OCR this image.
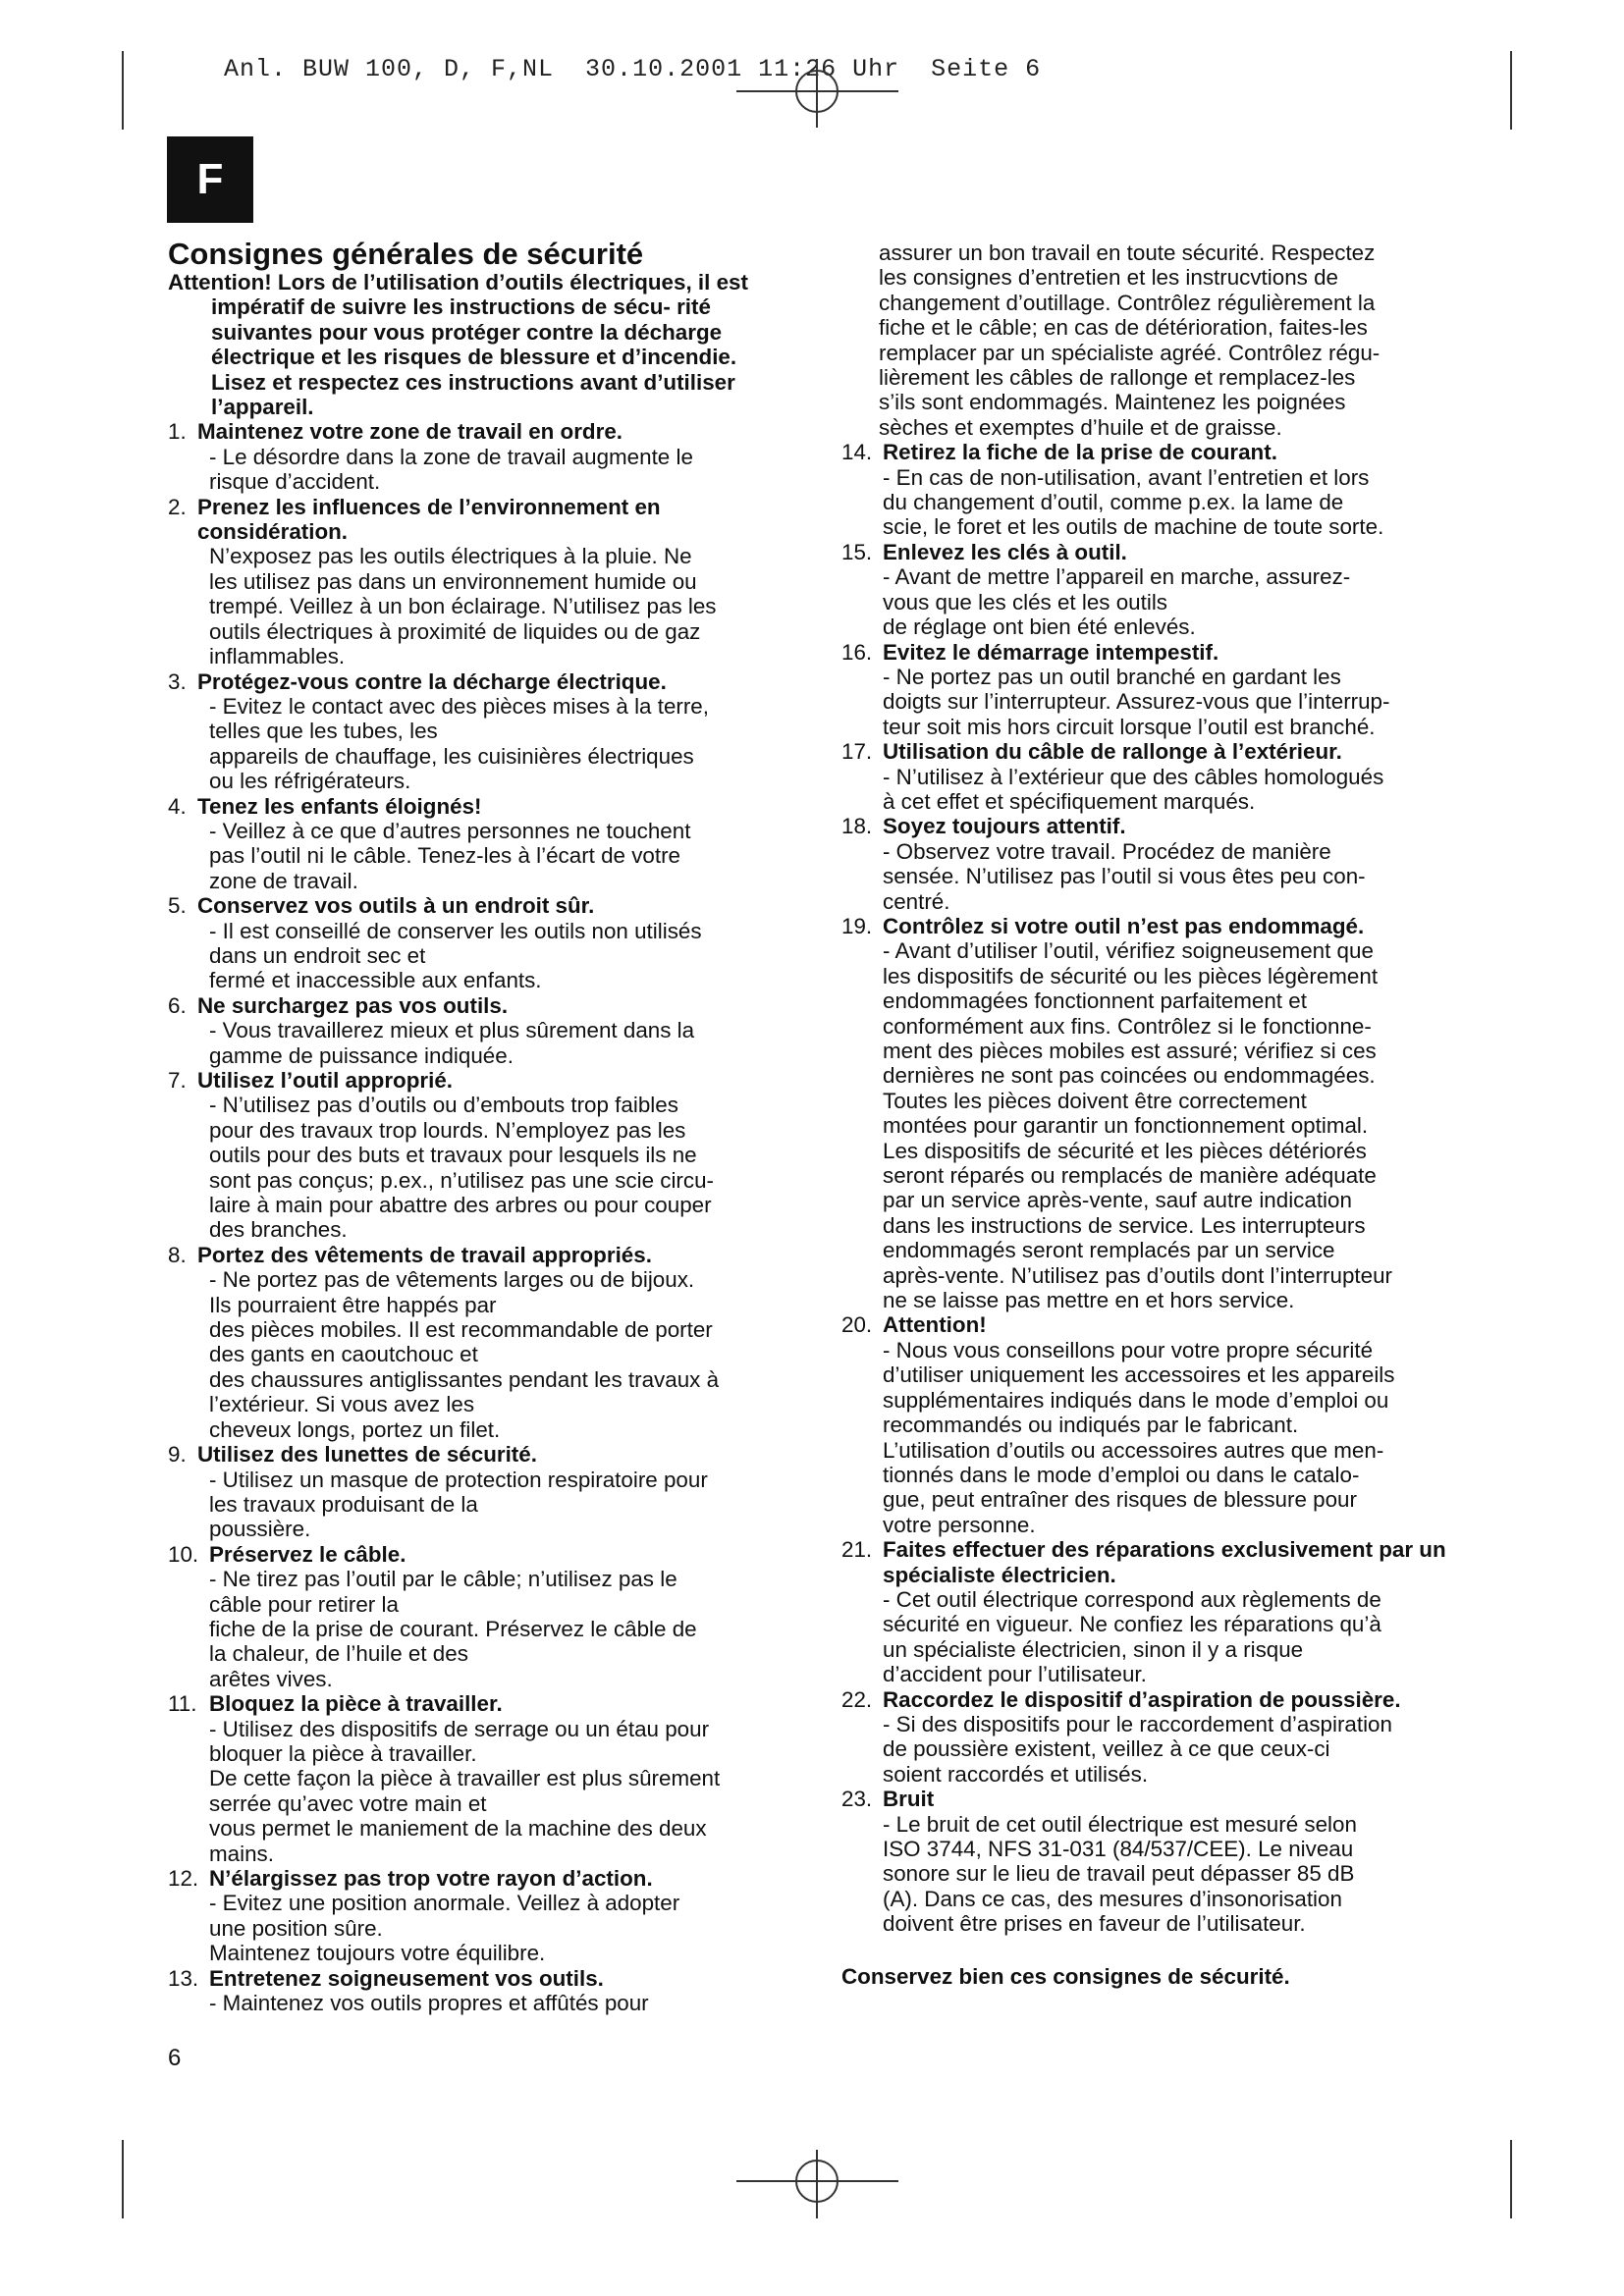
Anl. BUW 100, D, F,NL  30.10.2001 11:26 Uhr  Seite 6
F
Consignes générales de sécurité

Attention! Lors de l’utilisation d’outils électriques, il est impératif de suivre les instructions de sécu- rité suivantes pour vous protéger contre la décharge électrique et les risques de blessure et d’incendie. Lisez et respectez ces instructions avant d’utiliser l’appareil.

1. Maintenez votre zone de travail en ordre.

- Le désordre dans la zone de travail augmente le
risque d’accident.

2. Prenez les influences de l’environnement en considération.

N’exposez pas les outils électriques à la pluie. Ne
les utilisez pas dans un environnement humide ou
trempé. Veillez à un bon éclairage. N’utilisez pas les
outils électriques à proximité de liquides ou de gaz
inflammables.

3. Protégez-vous contre la décharge électrique.

- Evitez le contact avec des pièces mises à la terre,
telles que les tubes, les
appareils de chauffage, les cuisinières électriques
ou les réfrigérateurs.

4. Tenez les enfants éloignés!

- Veillez à ce que d’autres personnes ne touchent
pas l’outil ni le câble. Tenez-les à l’écart de votre
zone de travail.

5. Conservez vos outils à un endroit sûr.

- Il est conseillé de conserver les outils non utilisés
dans un endroit sec et
fermé et inaccessible aux enfants.

6. Ne surchargez pas vos outils.

- Vous travaillerez mieux et plus sûrement dans la
gamme de puissance indiquée.

7. Utilisez l’outil approprié.

- N’utilisez pas d’outils ou d’embouts trop faibles
pour des travaux trop lourds. N’employez pas les
outils pour des buts et travaux pour lesquels ils ne
sont pas conçus; p.ex., n’utilisez pas une scie circu-
laire à main pour abattre des arbres ou pour couper
des branches.

8. Portez des vêtements de travail appropriés.

- Ne portez pas de vêtements larges ou de bijoux.
Ils pourraient être happés par
des pièces mobiles. Il est recommandable de porter
des gants en caoutchouc et
des chaussures antiglissantes pendant les travaux à
l’extérieur. Si vous avez les
cheveux longs, portez un filet.

9. Utilisez des lunettes de sécurité.

- Utilisez un masque de protection respiratoire pour
les travaux produisant de la
poussière.

10. Préservez le câble.

- Ne tirez pas l’outil par le câble; n’utilisez pas le
câble pour retirer la
fiche de la prise de courant. Préservez le câble de
la chaleur, de l’huile et des
arêtes vives.

11. Bloquez la pièce à travailler.

- Utilisez des dispositifs de serrage ou un étau pour
bloquer la pièce à travailler.
De cette façon la pièce à travailler est plus sûrement
serrée qu’avec votre main et
vous permet le maniement de la machine des deux
mains.

12. N’élargissez pas trop votre rayon d’action.

- Evitez une position anormale. Veillez à adopter
une position sûre.
Maintenez toujours votre équilibre.

13. Entretenez soigneusement vos outils.

- Maintenez vos outils propres et affûtés pour

assurer un bon travail en toute sécurité. Respectez
les consignes d’entretien et les instrucvtions de
changement d’outillage. Contrôlez régulièrement la
fiche et le câble; en cas de détérioration, faites-les
remplacer par un spécialiste agréé. Contrôlez régu-
lièrement les câbles de rallonge et remplacez-les
s’ils sont endommagés. Maintenez les poignées
sèches et exemptes d’huile et de graisse.

14. Retirez la fiche de la prise de courant.

- En cas de non-utilisation, avant l’entretien et lors
du changement d’outil, comme p.ex. la lame de
scie, le foret et les outils de machine de toute sorte.

15. Enlevez les clés à outil.

- Avant de mettre l’appareil en marche, assurez-
vous que les clés et les outils
de réglage ont bien été enlevés.

16. Evitez le démarrage intempestif.

- Ne portez pas un outil branché en gardant les
doigts sur l’interrupteur. Assurez-vous que l’interrup-
teur soit mis hors circuit lorsque l’outil est branché.

17. Utilisation du câble de rallonge à l’extérieur.

- N’utilisez à l’extérieur que des câbles homologués
à cet effet et spécifiquement marqués.

18. Soyez toujours attentif.

- Observez votre travail. Procédez de manière
sensée. N’utilisez pas l’outil si vous êtes peu con-
centré.

19. Contrôlez si votre outil n’est pas endommagé.

- Avant d’utiliser l’outil, vérifiez soigneusement que
les dispositifs de sécurité ou les pièces légèrement
endommagées fonctionnent parfaitement et
conformément aux fins. Contrôlez si le fonctionne-
ment des pièces mobiles est assuré; vérifiez si ces
dernières ne sont pas coincées ou endommagées.
Toutes les pièces doivent être correctement
montées pour garantir un fonctionnement optimal.
Les dispositifs de sécurité et les pièces détériorés
seront réparés ou remplacés de manière adéquate
par un service après-vente, sauf autre indication
dans les instructions de service. Les interrupteurs
endommagés seront remplacés par un service
après-vente. N’utilisez pas d’outils dont l’interrupteur
ne se laisse pas mettre en et hors service.

20. Attention!

- Nous vous conseillons pour votre propre sécurité
d’utiliser uniquement les accessoires et les appareils
supplémentaires indiqués dans le mode d’emploi ou
recommandés ou indiqués par le fabricant.
L’utilisation d’outils ou accessoires autres que men-
tionnés dans le mode d’emploi ou dans le catalo-
gue, peut entraîner des risques de blessure pour
votre personne.

21. Faites effectuer des réparations exclusivement par un spécialiste électricien.

- Cet outil électrique correspond aux règlements de
sécurité en vigueur. Ne confiez les réparations qu’à
un spécialiste électricien, sinon il y a risque
d’accident pour l’utilisateur.

22. Raccordez le dispositif d’aspiration de poussière.

- Si des dispositifs pour le raccordement d’aspiration
de poussière existent, veillez à ce que ceux-ci
soient raccordés et utilisés.

23. Bruit

- Le bruit de cet outil électrique est mesuré selon
ISO 3744, NFS 31-031 (84/537/CEE). Le niveau
sonore sur le lieu de travail peut dépasser 85 dB
(A). Dans ce cas, des mesures d’insonorisation
doivent être prises en faveur de l’utilisateur.

Conservez bien ces consignes de sécurité.
6
